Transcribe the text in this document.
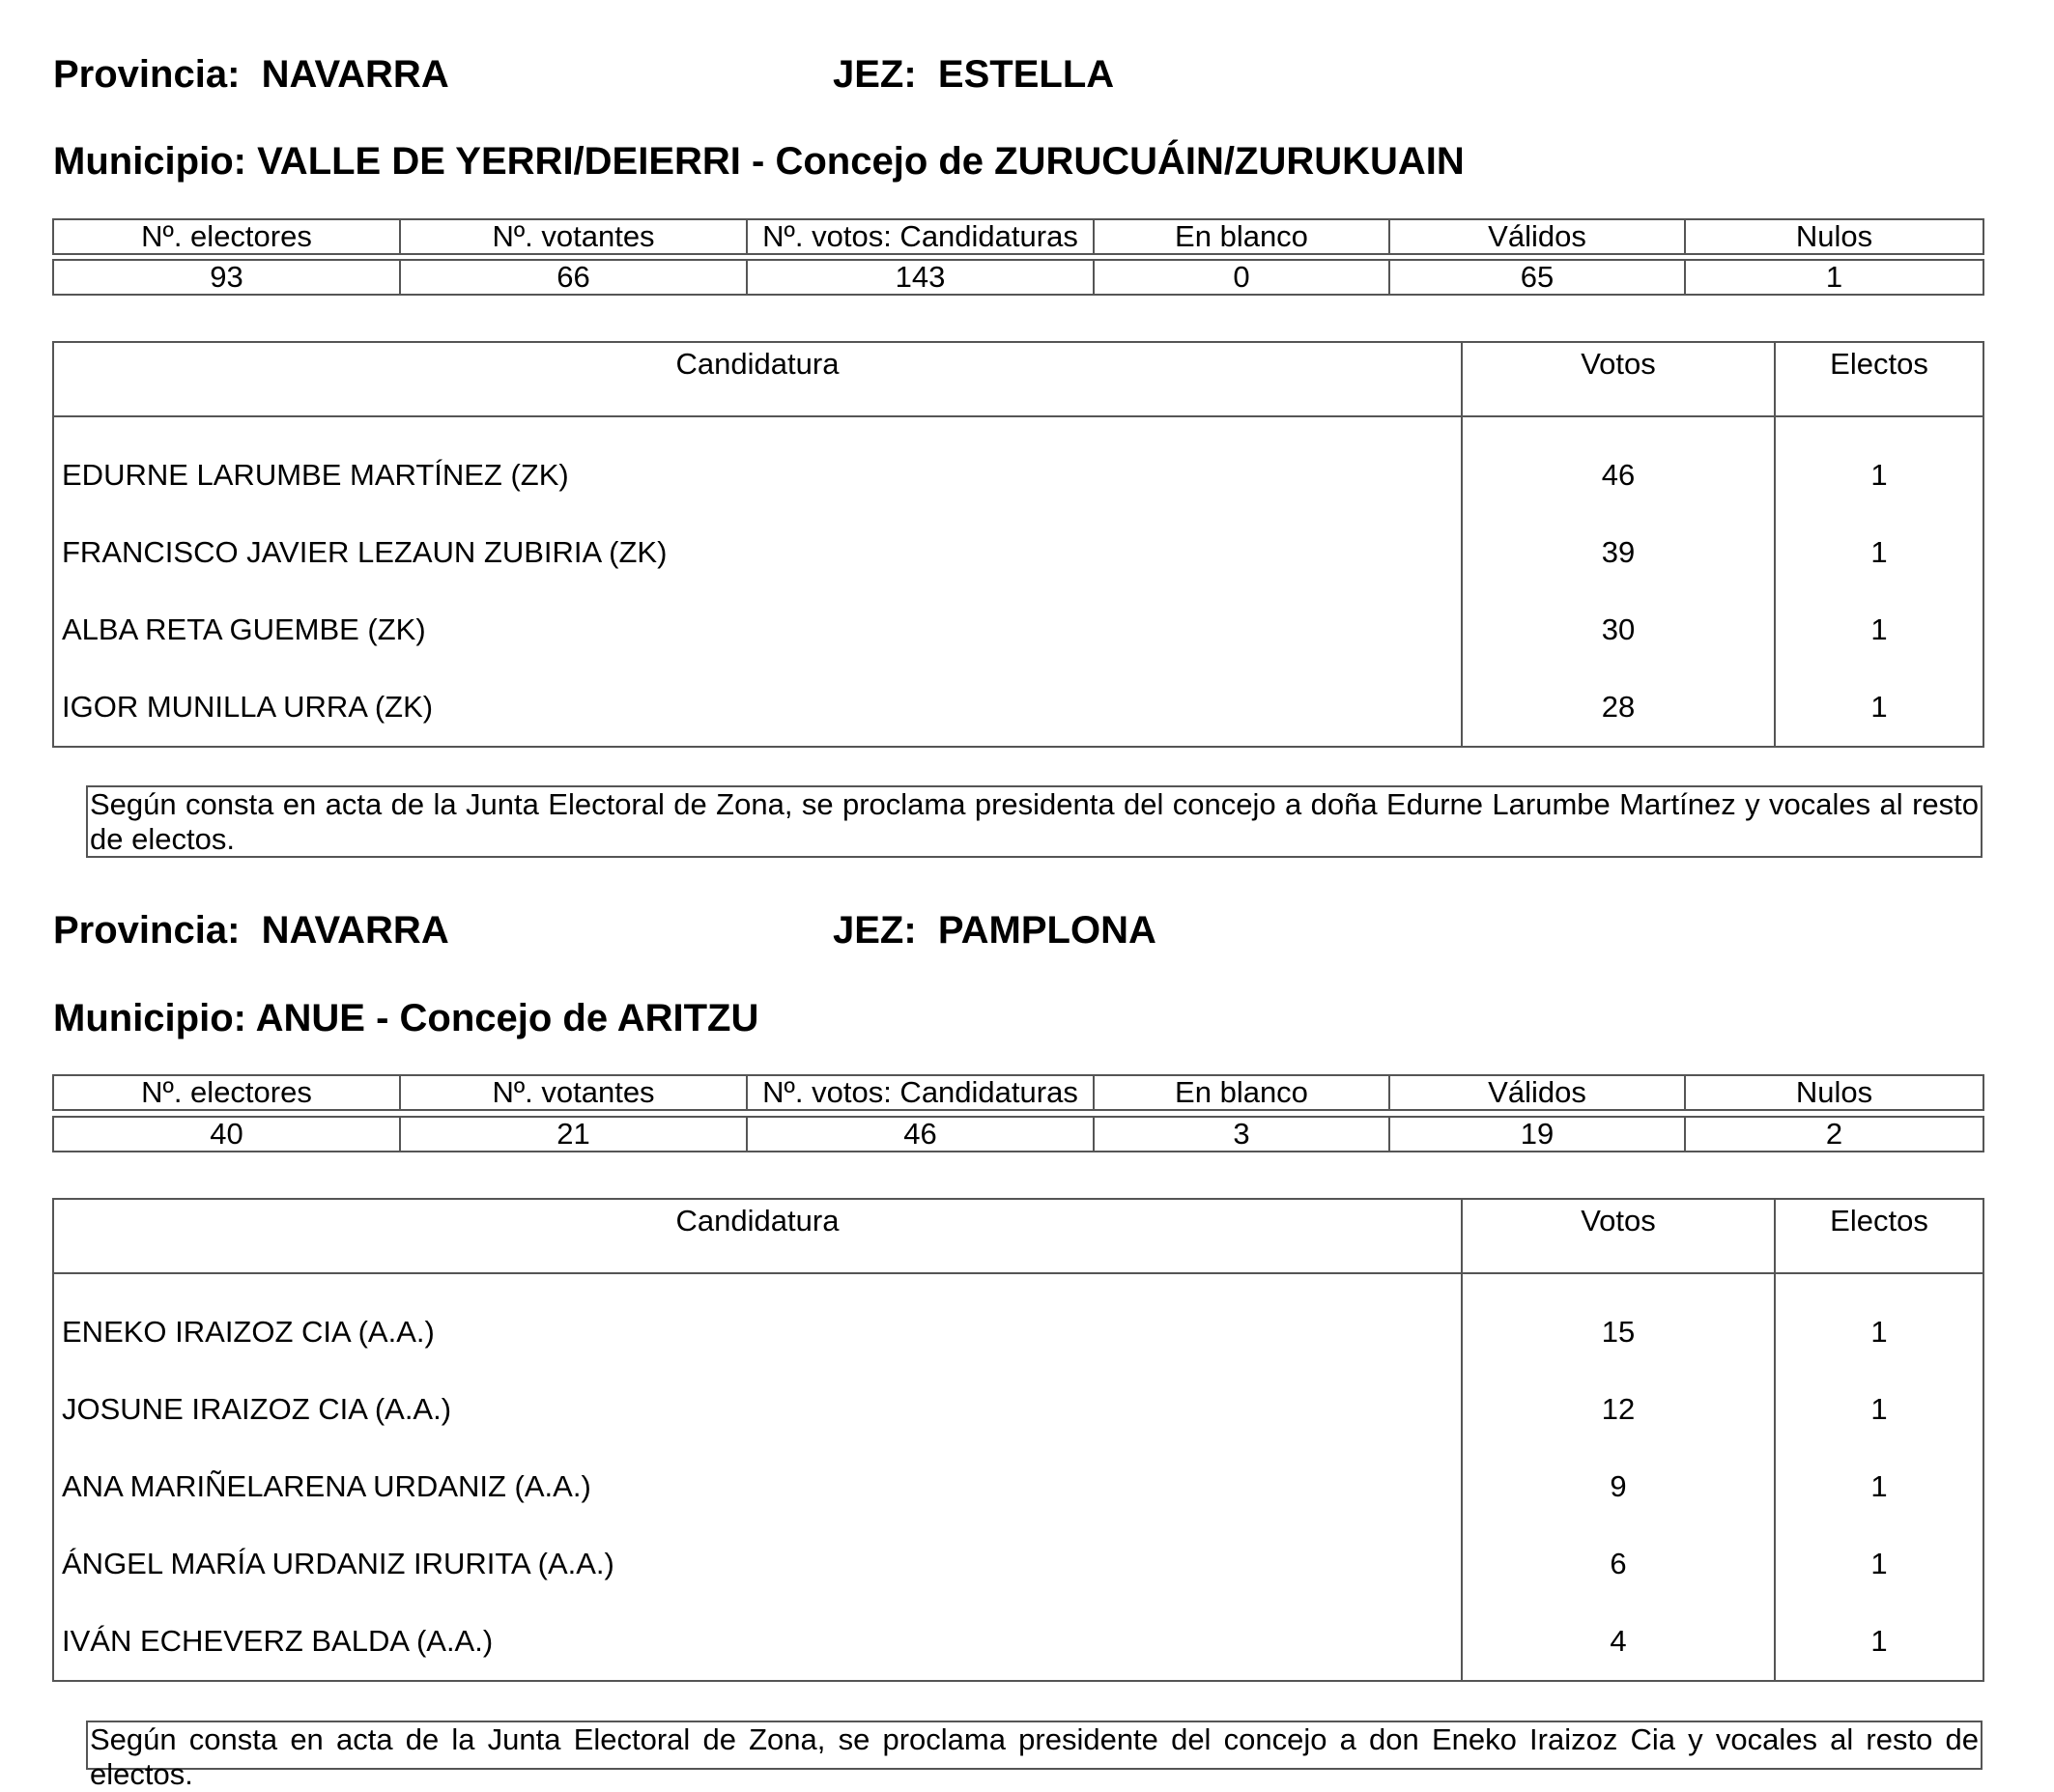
Provincia: NAVARRA	JEZ: ESTELLA
Municipio: VALLE DE YERRI/DEIERRI - Concejo de ZURUCUÁIN/ZURUKUAIN
Nº. electores	Nº. votantes	Nº. votos: Candidaturas	En blanco	Válidos	Nulos
93	66	143	0	65	1
Candidatura	Votos	Electos
EDURNE LARUMBE MARTÍNEZ (ZK)	46	1
FRANCISCO JAVIER LEZAUN ZUBIRIA (ZK)	39	1
ALBA RETA GUEMBE (ZK)	30	1
IGOR MUNILLA URRA (ZK)	28	1
Según consta en acta de la Junta Electoral de Zona, se proclama presidenta del concejo a doña Edurne Larumbe Martínez y vocales al resto de electos.
Provincia: NAVARRA	JEZ: PAMPLONA
Municipio: ANUE - Concejo de ARITZU
Nº. electores	Nº. votantes	Nº. votos: Candidaturas	En blanco	Válidos	Nulos
40	21	46	3	19	2
Candidatura	Votos	Electos
ENEKO IRAIZOZ CIA (A.A.)	15	1
JOSUNE IRAIZOZ CIA (A.A.)	12	1
ANA MARIÑELARENA URDANIZ (A.A.)	9	1
ÁNGEL MARÍA URDANIZ IRURITA (A.A.)	6	1
IVÁN ECHEVERZ BALDA (A.A.)	4	1
Según consta en acta de la Junta Electoral de Zona, se proclama presidente del concejo a don Eneko Iraizoz Cia y vocales al resto de electos.
